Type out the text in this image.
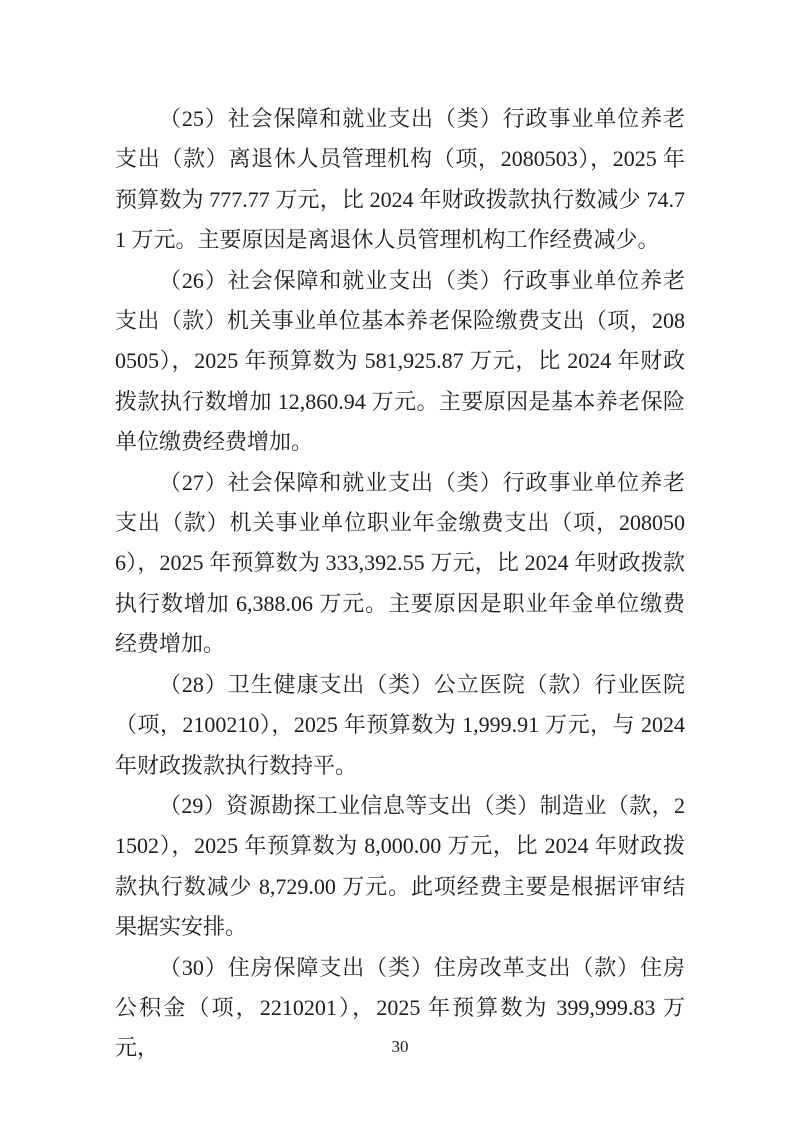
（25）社会保障和就业支出（类）行政事业单位养老支出（款）离退休人员管理机构（项，2080503），2025 年预算数为 777.77 万元，比 2024 年财政拨款执行数减少 74.71 万元。主要原因是离退休人员管理机构工作经费减少。

（26）社会保障和就业支出（类）行政事业单位养老支出（款）机关事业单位基本养老保险缴费支出（项，2080505），2025 年预算数为 581,925.87 万元，比 2024 年财政拨款执行数增加 12,860.94 万元。主要原因是基本养老保险单位缴费经费增加。

（27）社会保障和就业支出（类）行政事业单位养老支出（款）机关事业单位职业年金缴费支出（项，2080506），2025 年预算数为 333,392.55 万元，比 2024 年财政拨款执行数增加 6,388.06 万元。主要原因是职业年金单位缴费经费增加。

（28）卫生健康支出（类）公立医院（款）行业医院（项，2100210），2025 年预算数为 1,999.91 万元，与 2024 年财政拨款执行数持平。

（29）资源勘探工业信息等支出（类）制造业（款，21502），2025 年预算数为 8,000.00 万元，比 2024 年财政拨款执行数减少 8,729.00 万元。此项经费主要是根据评审结果据实安排。

（30）住房保障支出（类）住房改革支出（款）住房公积金（项，2210201），2025 年预算数为 399,999.83 万元，	30
